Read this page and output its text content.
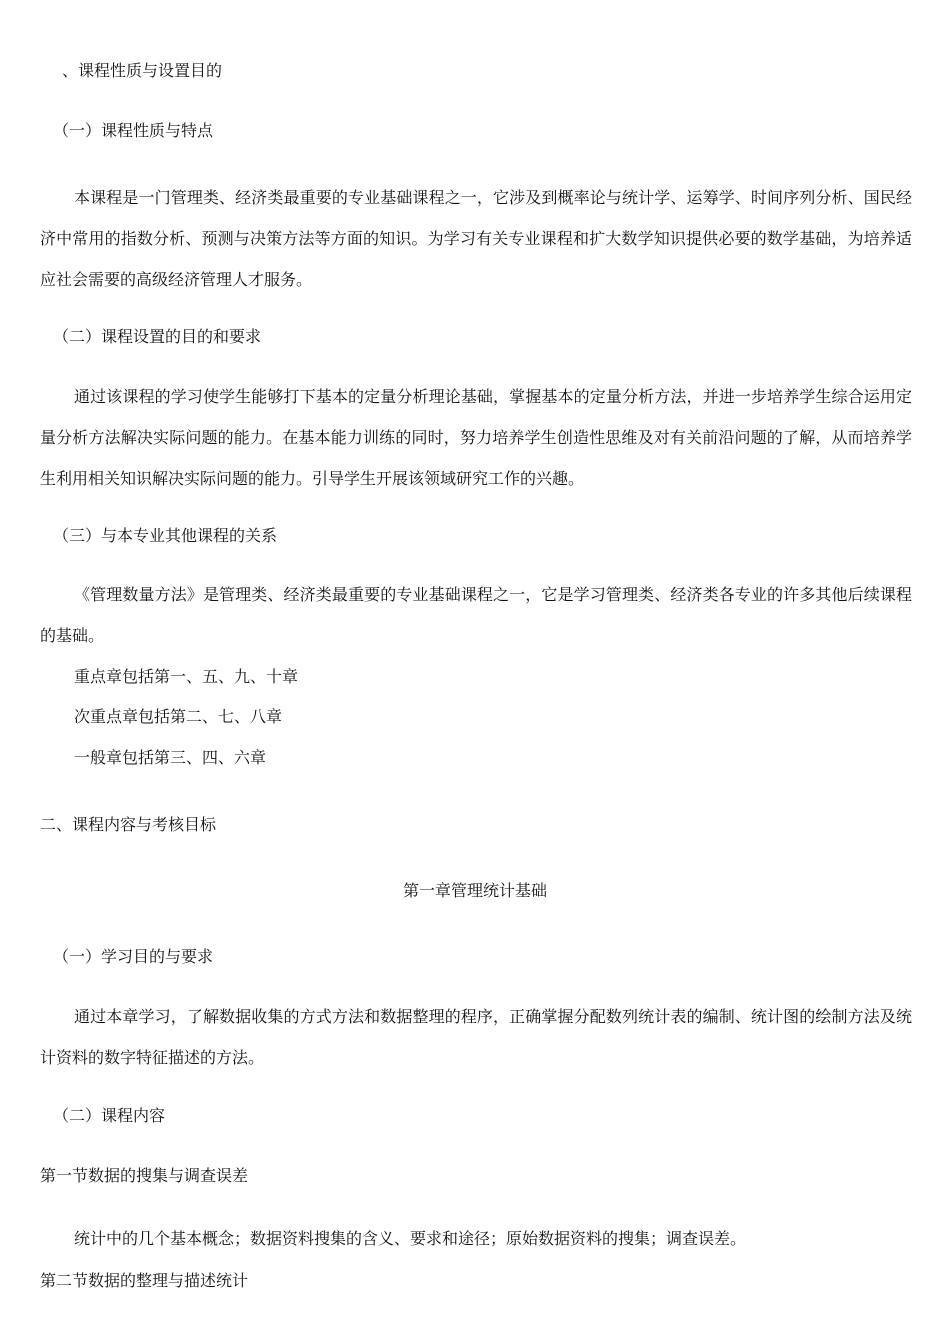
、课程性质与设置目的
（一）课程性质与特点
本课程是一门管理类、经济类最重要的专业基础课程之一，它涉及到概率论与统计学、运筹学、时间序列分析、国民经济中常用的指数分析、预测与决策方法等方面的知识。为学习有关专业课程和扩大数学知识提供必要的数学基础，为培养适应社会需要的高级经济管理人才服务。
（二）课程设置的目的和要求
通过该课程的学习使学生能够打下基本的定量分析理论基础，掌握基本的定量分析方法，并进一步培养学生综合运用定量分析方法解决实际问题的能力。在基本能力训练的同时，努力培养学生创造性思维及对有关前沿问题的了解，从而培养学生利用相关知识解决实际问题的能力。引导学生开展该领域研究工作的兴趣。
（三）与本专业其他课程的关系
《管理数量方法》是管理类、经济类最重要的专业基础课程之一，它是学习管理类、经济类各专业的许多其他后续课程的基础。
重点章包括第一、五、九、十章
次重点章包括第二、七、八章
一般章包括第三、四、六章
二、课程内容与考核目标
第一章管理统计基础
（一）学习目的与要求
通过本章学习，了解数据收集的方式方法和数据整理的程序，正确掌握分配数列统计表的编制、统计图的绘制方法及统计资料的数字特征描述的方法。
（二）课程内容
第一节数据的搜集与调查误差
统计中的几个基本概念；数据资料搜集的含义、要求和途径；原始数据资料的搜集；调查误差。
第二节数据的整理与描述统计
